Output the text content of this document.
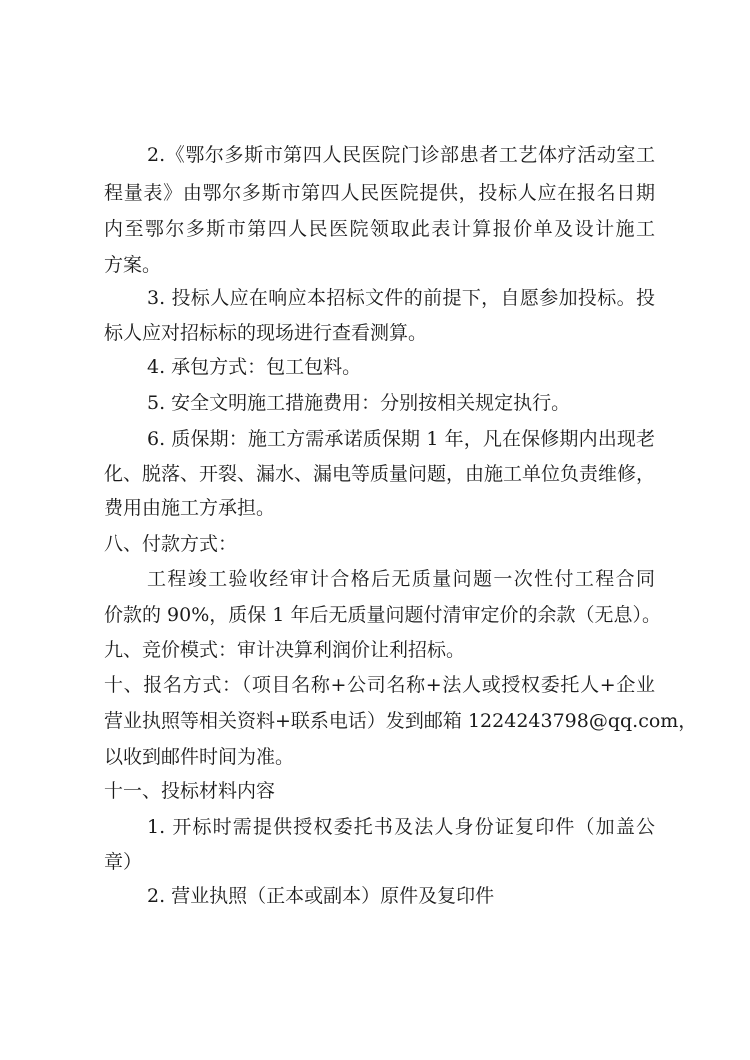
2.《鄂尔多斯市第四人民医院门诊部患者工艺体疗活动室工
程量表》由鄂尔多斯市第四人民医院提供，投标人应在报名日期
内至鄂尔多斯市第四人民医院领取此表计算报价单及设计施工
方案。
3. 投标人应在响应本招标文件的前提下，自愿参加投标。投
标人应对招标标的现场进行查看测算。
4. 承包方式：包工包料。
5. 安全文明施工措施费用：分别按相关规定执行。
6. 质保期：施工方需承诺质保期 1 年，凡在保修期内出现老
化、脱落、开裂、漏水、漏电等质量问题，由施工单位负责维修，
费用由施工方承担。
八、付款方式：
工程竣工验收经审计合格后无质量问题一次性付工程合同
价款的 90%，质保 1 年后无质量问题付清审定价的余款（无息）。
九、竞价模式：审计决算利润价让利招标。
十、报名方式：（项目名称+公司名称+法人或授权委托人+企业
营业执照等相关资料+联系电话）发到邮箱 1224243798@qq.com，
以收到邮件时间为准。
十一、投标材料内容
1. 开标时需提供授权委托书及法人身份证复印件（加盖公
章）
2. 营业执照（正本或副本）原件及复印件
